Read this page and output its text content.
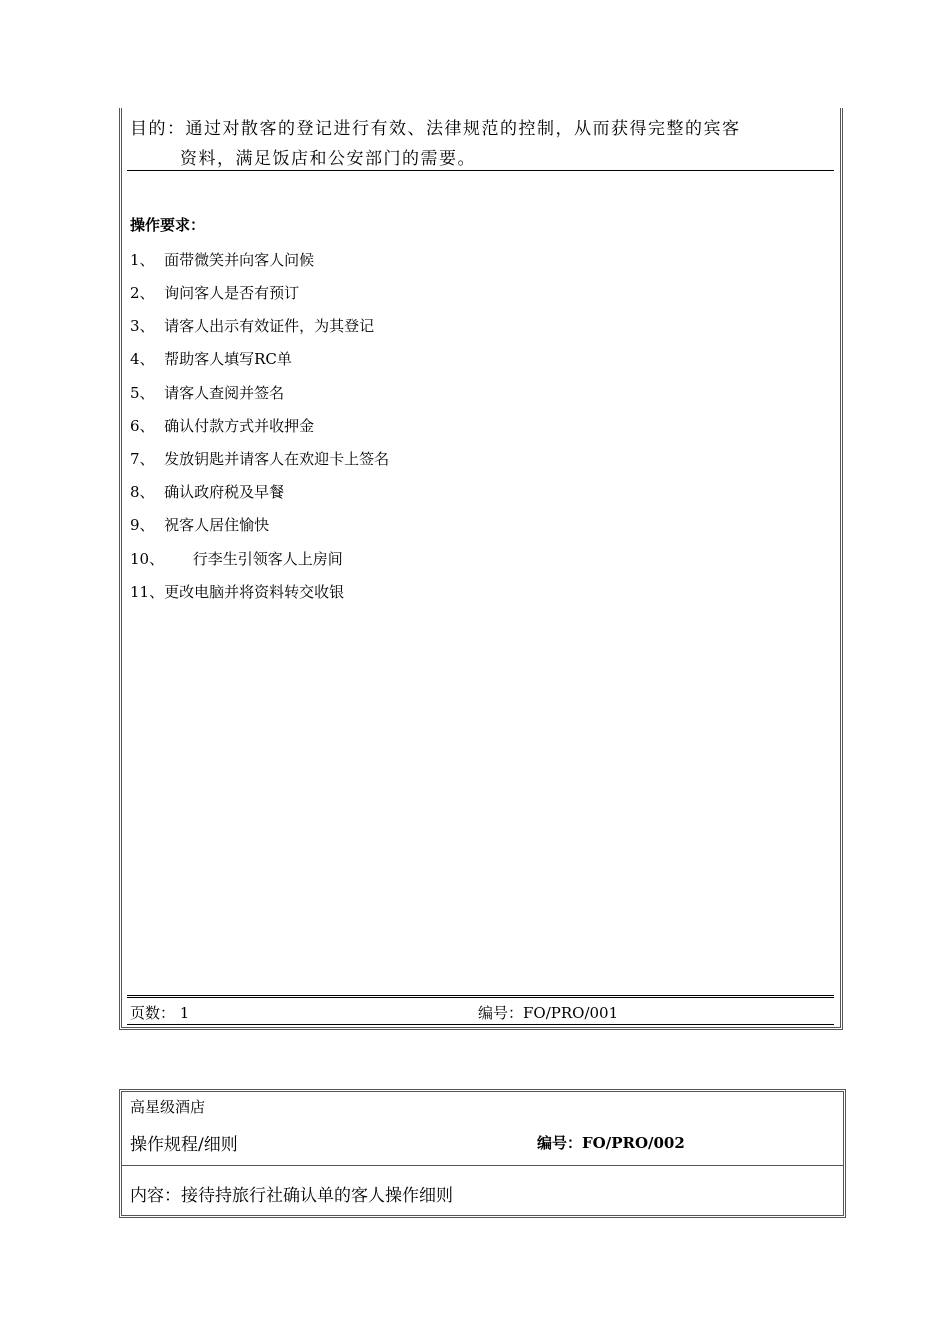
目的：通过对散客的登记进行有效、法律规范的控制，从而获得完整的宾客
资料，满足饭店和公安部门的需要。
操作要求：
1、  面带微笑并向客人问候
2、  询问客人是否有预订
3、  请客人出示有效证件，为其登记
4、  帮助客人填写RC单
5、  请客人查阅并签名
6、  确认付款方式并收押金
7、  发放钥匙并请客人在欢迎卡上签名
8、  确认政府税及早餐
9、  祝客人居住愉快
10、      行李生引领客人上房间
11、更改电脑并将资料转交收银
页数： 1	编号：FO/PRO/001
高星级酒店
操作规程/细则	编号：FO/PRO/002
内容：接待持旅行社确认单的客人操作细则
